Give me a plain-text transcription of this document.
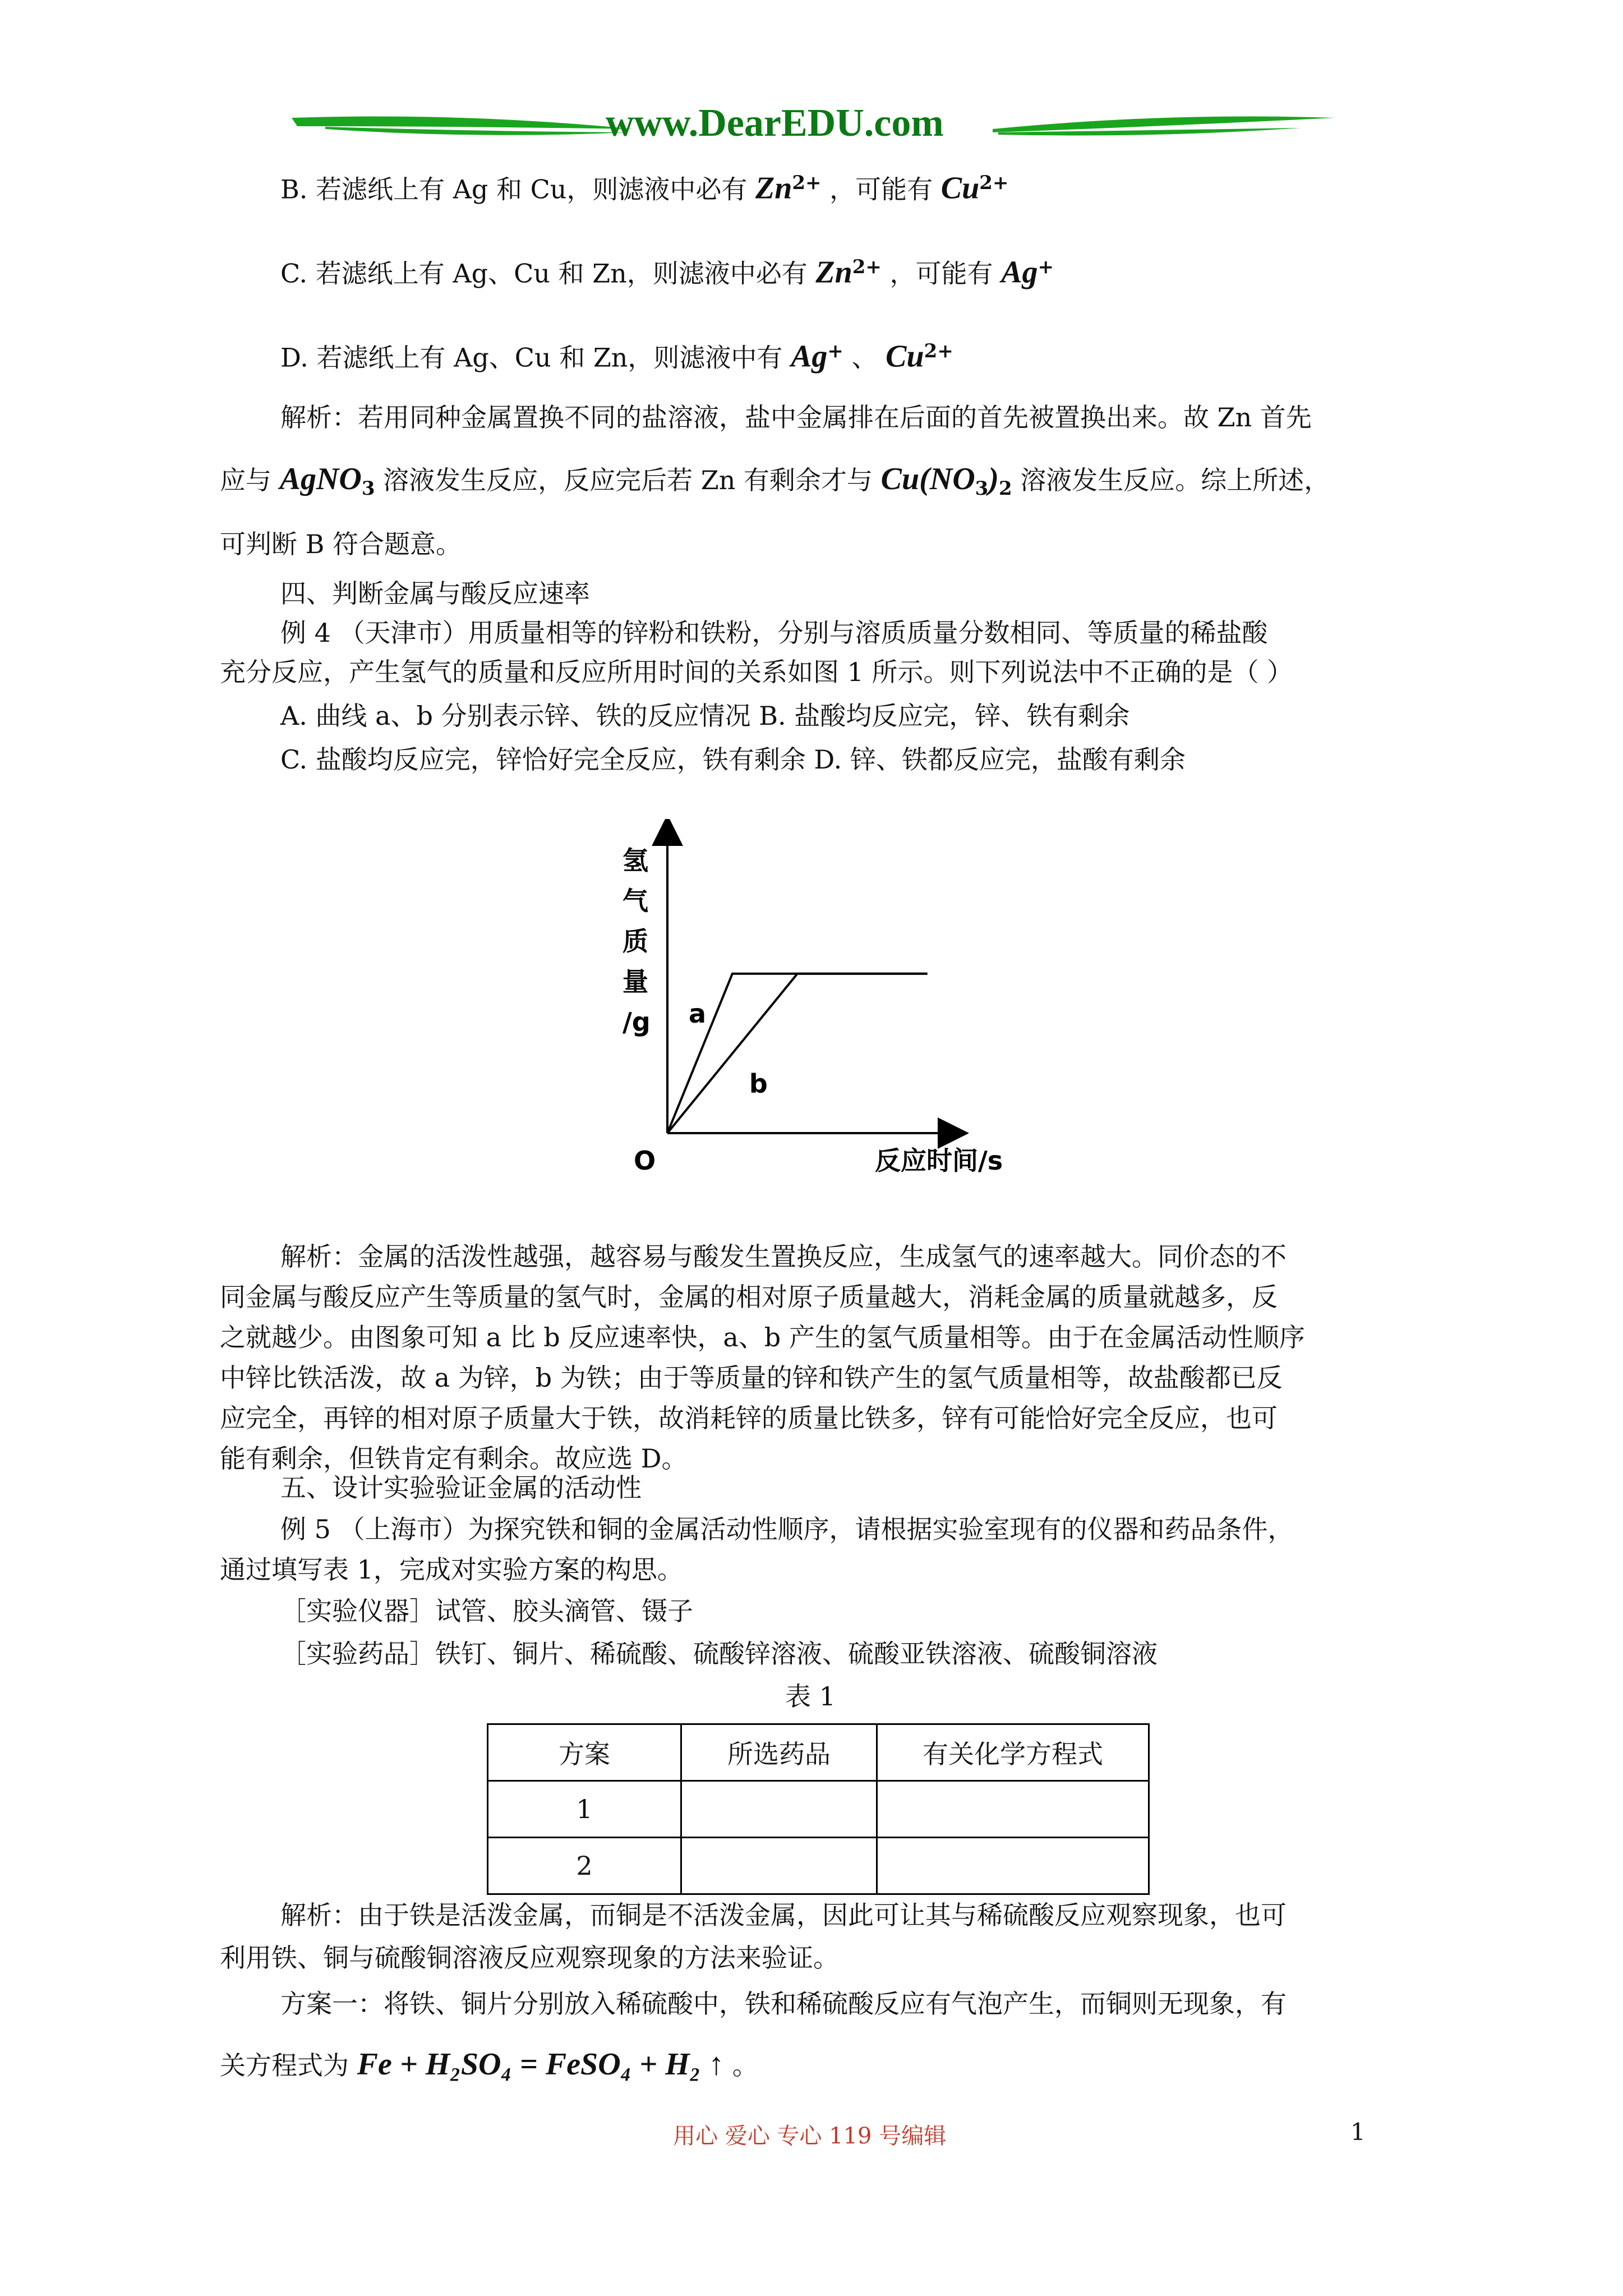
www.DearEDU.com
B. 若滤纸上有 Ag 和 Cu，则滤液中必有 $Zn^{2+}$ ，可能有 $Cu^{2+}$
C. 若滤纸上有 Ag、Cu 和 Zn，则滤液中必有 $Zn^{2+}$ ，可能有 Ag+
D. 若滤纸上有 Ag、Cu 和 Zn，则滤液中有 Ag+ 、 $Cu^{2+}$
解析：若用同种金属置换不同的盐溶液，盐中金属排在后面的首先被置换出来。故 Zn 首先
应与 AgNO$_3$ 溶液发生反应，反应完后若 Zn 有剩余才与 $Cu(NO_3)_2$ 溶液发生反应。综上所述，
可判断 B 符合题意。
四、判断金属与酸反应速率
例 4 （天津市）用质量相等的锌粉和铁粉，分别与溶质质量分数相同、等质量的稀盐酸
充分反应，产生氢气的质量和反应所用时间的关系如图 1 所示。则下列说法中不正确的是（ ）
A. 曲线 a、b 分别表示锌、铁的反应情况 B. 盐酸均反应完，锌、铁有剩余
C. 盐酸均反应完，锌恰好完全反应，铁有剩余 D. 锌、铁都反应完，盐酸有剩余
氢
气
质
量
/g a
b
O	反应时间/s
解析：金属的活泼性越强，越容易与酸发生置换反应，生成氢气的速率越大。同价态的不
同金属与酸反应产生等质量的氢气时，金属的相对原子质量越大，消耗金属的质量就越多，反
之就越少。由图象可知 a 比 b 反应速率快，a、b 产生的氢气质量相等。由于在金属活动性顺序
中锌比铁活泼，故 a 为锌，b 为铁；由于等质量的锌和铁产生的氢气质量相等，故盐酸都已反
应完全，再锌的相对原子质量大于铁，故消耗锌的质量比铁多，锌有可能恰好完全反应，也可
能有剩余，但铁肯定有剩余。故应选 D。
五、设计实验验证金属的活动性
例 5 （上海市）为探究铁和铜的金属活动性顺序，请根据实验室现有的仪器和药品条件，
通过填写表 1，完成对实验方案的构思。
［实验仪器］试管、胶头滴管、镊子
［实验药品］铁钉、铜片、稀硫酸、硫酸锌溶液、硫酸亚铁溶液、硫酸铜溶液
表 1
方案	所选药品	有关化学方程式
1		
2		
解析：由于铁是活泼金属，而铜是不活泼金属，因此可让其与稀硫酸反应观察现象，也可
利用铁、铜与硫酸铜溶液反应观察现象的方法来验证。
方案一：将铁、铜片分别放入稀硫酸中，铁和稀硫酸反应有气泡产生，而铜则无现象，有
关方程式为 Fe + H₂SO₄ = FeSO₄ + H₂ ↑ 。
用心 爱心 专心 119 号编辑	1
